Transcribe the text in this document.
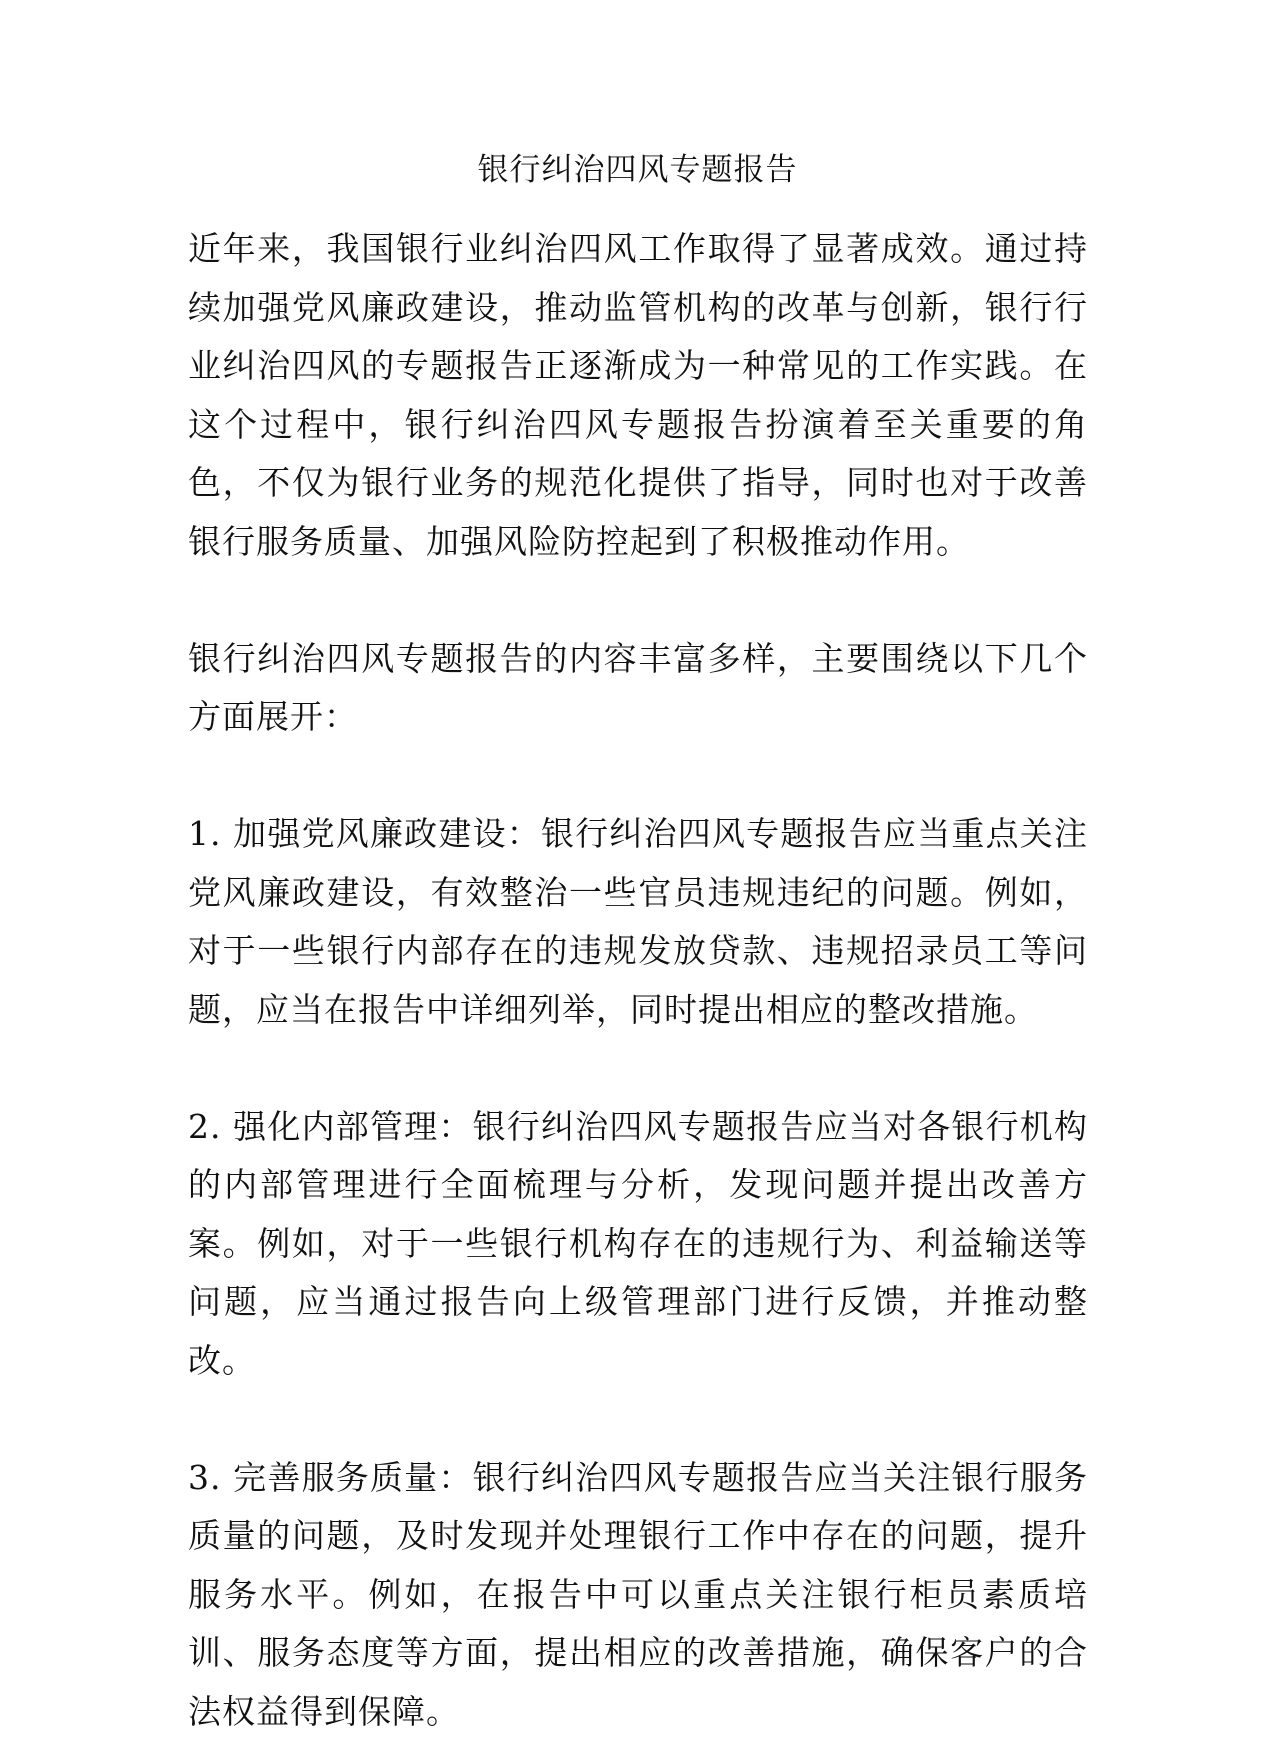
银行纠治四风专题报告

近年来，我国银行业纠治四风工作取得了显著成效。通过持续加强党风廉政建设，推动监管机构的改革与创新，银行行业纠治四风的专题报告正逐渐成为一种常见的工作实践。在这个过程中，银行纠治四风专题报告扮演着至关重要的角色，不仅为银行业务的规范化提供了指导，同时也对于改善银行服务质量、加强风险防控起到了积极推动作用。

银行纠治四风专题报告的内容丰富多样，主要围绕以下几个方面展开：

1. 加强党风廉政建设：银行纠治四风专题报告应当重点关注党风廉政建设，有效整治一些官员违规违纪的问题。例如，对于一些银行内部存在的违规发放贷款、违规招录员工等问题，应当在报告中详细列举，同时提出相应的整改措施。

2. 强化内部管理：银行纠治四风专题报告应当对各银行机构的内部管理进行全面梳理与分析，发现问题并提出改善方案。例如，对于一些银行机构存在的违规行为、利益输送等问题，应当通过报告向上级管理部门进行反馈，并推动整改。

3. 完善服务质量：银行纠治四风专题报告应当关注银行服务质量的问题，及时发现并处理银行工作中存在的问题，提升服务水平。例如，在报告中可以重点关注银行柜员素质培训、服务态度等方面，提出相应的改善措施，确保客户的合法权益得到保障。
